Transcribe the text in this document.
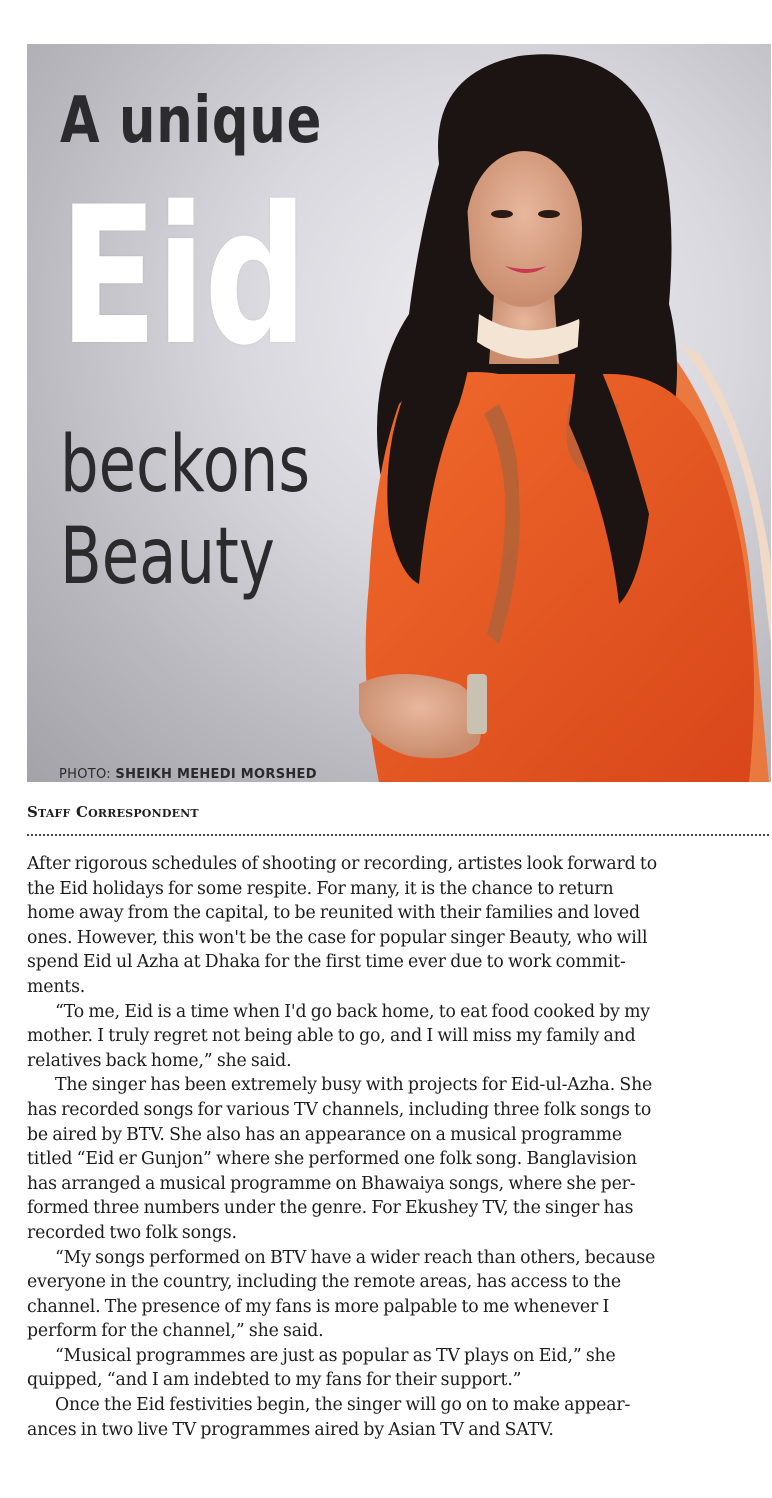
A unique
Eid
beckons
Beauty

PHOTO: SHEIKH MEHEDI MORSHED

Staff Correspondent

After rigorous schedules of shooting or recording, artistes look forward to
the Eid holidays for some respite. For many, it is the chance to return
home away from the capital, to be reunited with their families and loved
ones. However, this won't be the case for popular singer Beauty, who will
spend Eid ul Azha at Dhaka for the first time ever due to work commit-
ments.

“To me, Eid is a time when I'd go back home, to eat food cooked by my
mother. I truly regret not being able to go, and I will miss my family and
relatives back home,” she said.

The singer has been extremely busy with projects for Eid-ul-Azha. She
has recorded songs for various TV channels, including three folk songs to
be aired by BTV. She also has an appearance on a musical programme
titled “Eid er Gunjon” where she performed one folk song. Banglavision
has arranged a musical programme on Bhawaiya songs, where she per-
formed three numbers under the genre. For Ekushey TV, the singer has
recorded two folk songs.

“My songs performed on BTV have a wider reach than others, because
everyone in the country, including the remote areas, has access to the
channel. The presence of my fans is more palpable to me whenever I
perform for the channel,” she said.

“Musical programmes are just as popular as TV plays on Eid,” she
quipped, “and I am indebted to my fans for their support.”

Once the Eid festivities begin, the singer will go on to make appear-
ances in two live TV programmes aired by Asian TV and SATV.
